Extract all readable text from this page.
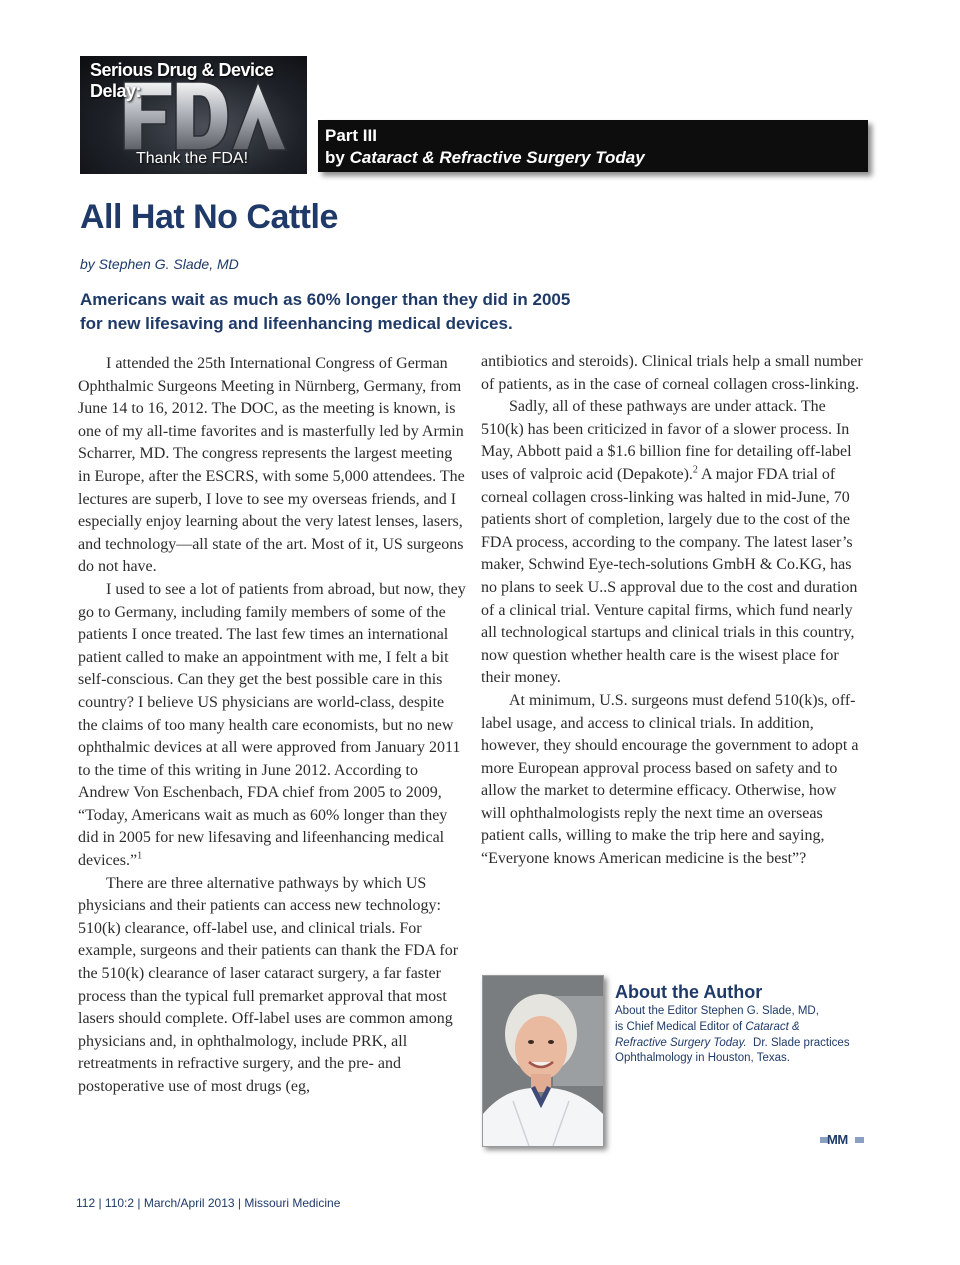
Serious Drug & Device Delay:
Thank the FDA!
Part III
by Cataract & Refractive Surgery Today
All Hat No Cattle
by Stephen G. Slade, MD
Americans wait as much as 60% longer than they did in 2005
for new lifesaving and lifeenhancing medical devices.

I attended the 25th International Congress of German Ophthalmic Surgeons Meeting in Nürnberg, Germany, from June 14 to 16, 2012. The DOC, as the meeting is known, is one of my all-time favorites and is masterfully led by Armin Scharrer, MD. The congress represents the largest meeting in Europe, after the ESCRS, with some 5,000 attendees. The lectures are superb, I love to see my overseas friends, and I especially enjoy learning about the very latest lenses, lasers, and technology—all state of the art. Most of it, US surgeons do not have.

I used to see a lot of patients from abroad, but now, they go to Germany, including family members of some of the patients I once treated. The last few times an international patient called to make an appointment with me, I felt a bit self-conscious. Can they get the best possible care in this country? I believe US physicians are world-class, despite the claims of too many health care economists, but no new ophthalmic devices at all were approved from January 2011 to the time of this writing in June 2012. According to Andrew Von Eschenbach, FDA chief from 2005 to 2009, “Today, Americans wait as much as 60% longer than they did in 2005 for new lifesaving and lifeenhancing medical devices.”$^1$

There are three alternative pathways by which US physicians and their patients can access new technology: 510(k) clearance, off-label use, and clinical trials. For example, surgeons and their patients can thank the FDA for the 510(k) clearance of laser cataract surgery, a far faster process than the typical full premarket approval that most lasers should complete. Off-label uses are common among physicians and, in ophthalmology, include PRK, all retreatments in refractive surgery, and the pre- and postoperative use of most drugs (eg,

antibiotics and steroids). Clinical trials help a small number of patients, as in the case of corneal collagen cross-linking.

Sadly, all of these pathways are under attack. The 510(k) has been criticized in favor of a slower process. In May, Abbott paid a $1.6 billion fine for detailing off-label uses of valproic acid (Depakote).$^2$ A major FDA trial of corneal collagen cross-linking was halted in mid-June, 70 patients short of completion, largely due to the cost of the FDA process, according to the company. The latest laser’s maker, Schwind Eye-tech-solutions GmbH & Co.KG, has no plans to seek U..S approval due to the cost and duration of a clinical trial. Venture capital firms, which fund nearly all technological startups and clinical trials in this country, now question whether health care is the wisest place for their money.

At minimum, U.S. surgeons must defend 510(k)s, off-label usage, and access to clinical trials. In addition, however, they should encourage the government to adopt a more European approval process based on safety and to allow the market to determine efficacy. Otherwise, how will ophthalmologists reply the next time an overseas patient calls, willing to make the trip here and saying, “Everyone knows American medicine is the best”?

About the Author
About the Editor Stephen G. Slade, MD,
is Chief Medical Editor of Cataract &
Refractive Surgery Today.  Dr. Slade practices
Ophthalmology in Houston, Texas.
MM
112 | 110:2 | March/April 2013 | Missouri Medicine
